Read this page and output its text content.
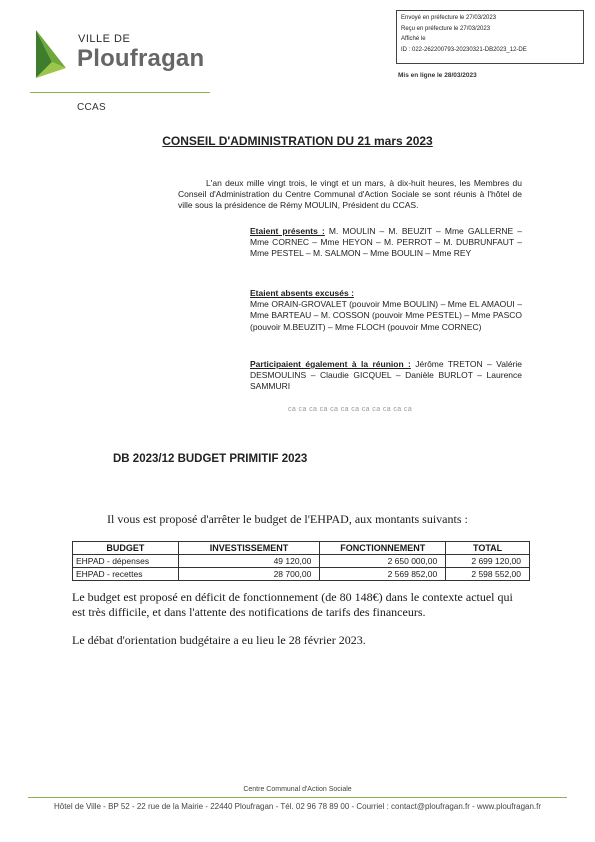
VILLE DE
Ploufragan
CCAS
Envoyé en préfecture le 27/03/2023
Reçu en préfecture le 27/03/2023
Affiché le
ID : 022-262200793-20230321-DB2023_12-DE
Mis en ligne le 28/03/2023
CONSEIL D'ADMINISTRATION DU 21 mars 2023
L'an deux mille vingt trois, le vingt et un mars, à dix-huit heures, les Membres du Conseil d'Administration du Centre Communal d'Action Sociale se sont réunis à l'hôtel de ville sous la présidence de Rémy MOULIN, Président du CCAS.
Etaient présents : M. MOULIN – M. BEUZIT – Mme GALLERNE – Mme CORNEC – Mme HEYON – M. PERROT – M. DUBRUNFAUT – Mme PESTEL – M. SALMON – Mme BOULIN – Mme REY
Etaient absents excusés :
Mme ORAIN-GROVALET (pouvoir Mme BOULIN) – Mme EL AMAOUI – Mme BARTEAU – M. COSSON (pouvoir Mme PESTEL) – Mme PASCO (pouvoir M.BEUZIT) – Mme FLOCH (pouvoir Mme CORNEC)
Participaient également à la réunion : Jérôme TRETON – Valérie DESMOULINS – Claudie GICQUEL – Danièle BURLOT – Laurence SAMMURI
ca ca ca ca ca ca ca ca ca ca ca ca
DB 2023/12 BUDGET PRIMITIF 2023
Il vous est proposé d'arrêter le budget de l'EHPAD, aux montants suivants :
BUDGET	INVESTISSEMENT	FONCTIONNEMENT	TOTAL
EHPAD - dépenses	49 120,00	2 650 000,00	2 699 120,00
EHPAD - recettes	28 700,00	2 569 852,00	2 598 552,00
Le budget est proposé en déficit de fonctionnement (de 80 148€) dans le contexte actuel qui est très difficile, et dans l'attente des notifications de tarifs des financeurs.
Le débat d'orientation budgétaire a eu lieu le 28 février 2023.
Centre Communal d'Action Sociale
Hôtel de Ville - BP 52 - 22 rue de la Mairie - 22440 Ploufragan - Tél. 02 96 78 89 00 - Courriel : contact@ploufragan.fr - www.ploufragan.fr
